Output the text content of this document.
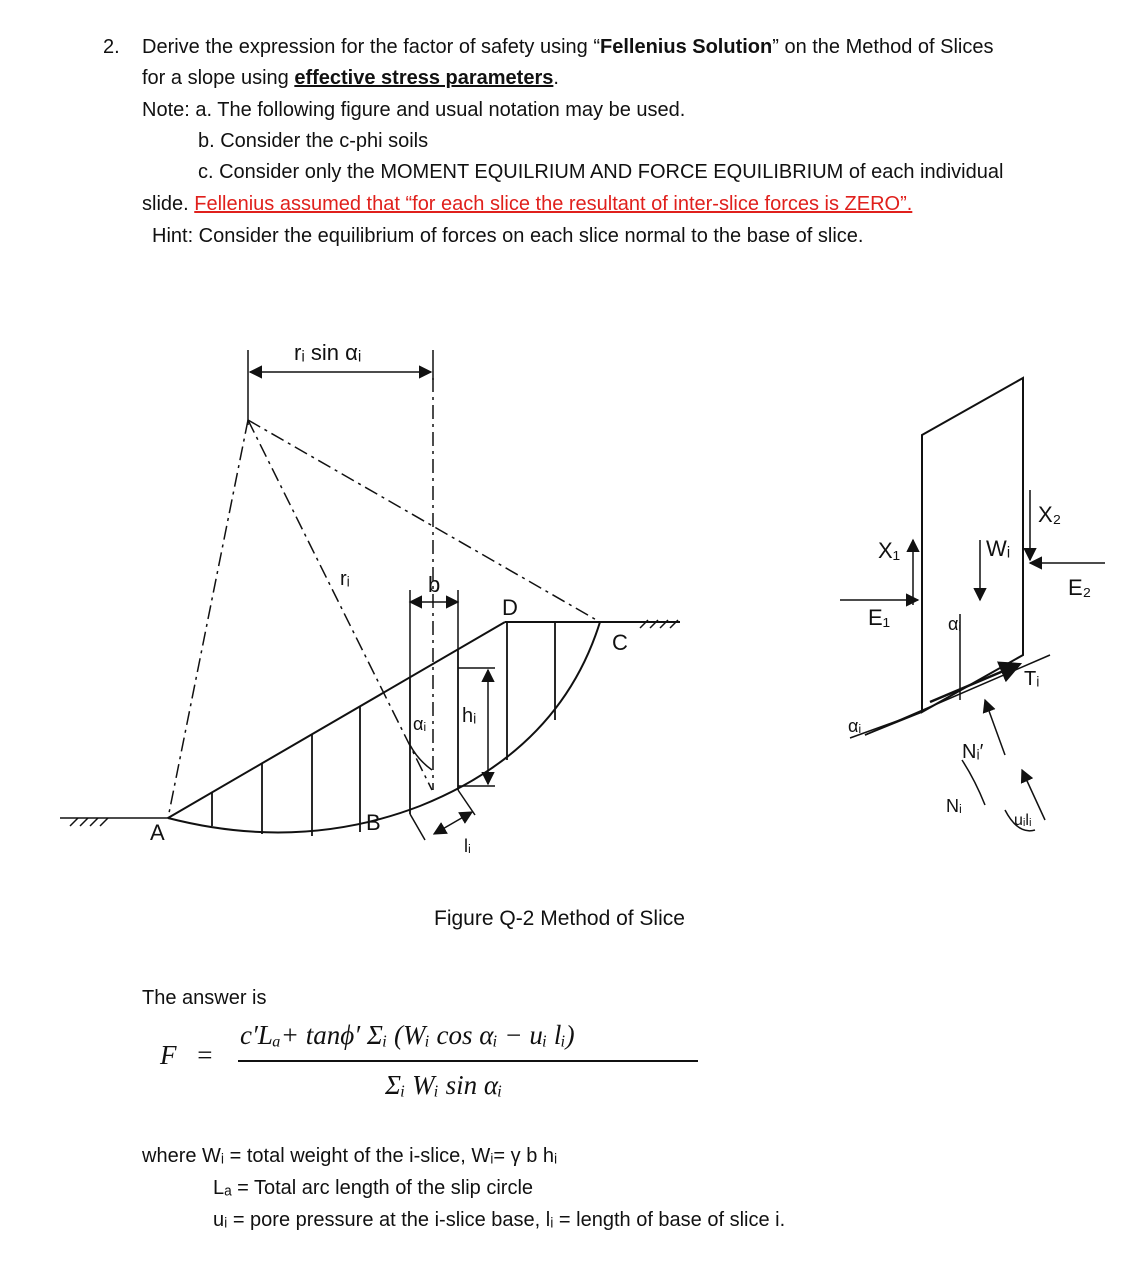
2. Derive the expression for the factor of safety using “Fellenius Solution” on the Method of Slices
for a slope using effective stress parameters.
Note: a. The following figure and usual notation may be used.
b. Consider the c-phi soils
c. Consider only the MOMENT EQUILRIUM AND FORCE EQUILIBRIUM of each individual
slide. Fellenius assumed that “for each slice the resultant of inter-slice forces is ZERO”.
Hint: Consider the equilibrium of forces on each slice normal to the base of slice.
rᵢ sin αᵢ
rᵢ	b
D
C
A	B
hᵢ
αᵢ
lᵢ
X₁
X₂
Wᵢ
E₁
E₂
Tᵢ
αᵢ
αᵢ
Nᵢ′
Nᵢ
uᵢlᵢ
Figure Q-2 Method of Slice
The answer is
F =
c′Lₐ+ tanϕ′ Σᵢ (Wᵢ cos αᵢ − uᵢ lᵢ)
Σᵢ Wᵢ sin αᵢ
where Wᵢ = total weight of the i-slice, Wᵢ= γ b hᵢ
Lₐ = Total arc length of the slip circle
uᵢ = pore pressure at the i-slice base, lᵢ = length of base of slice i.
